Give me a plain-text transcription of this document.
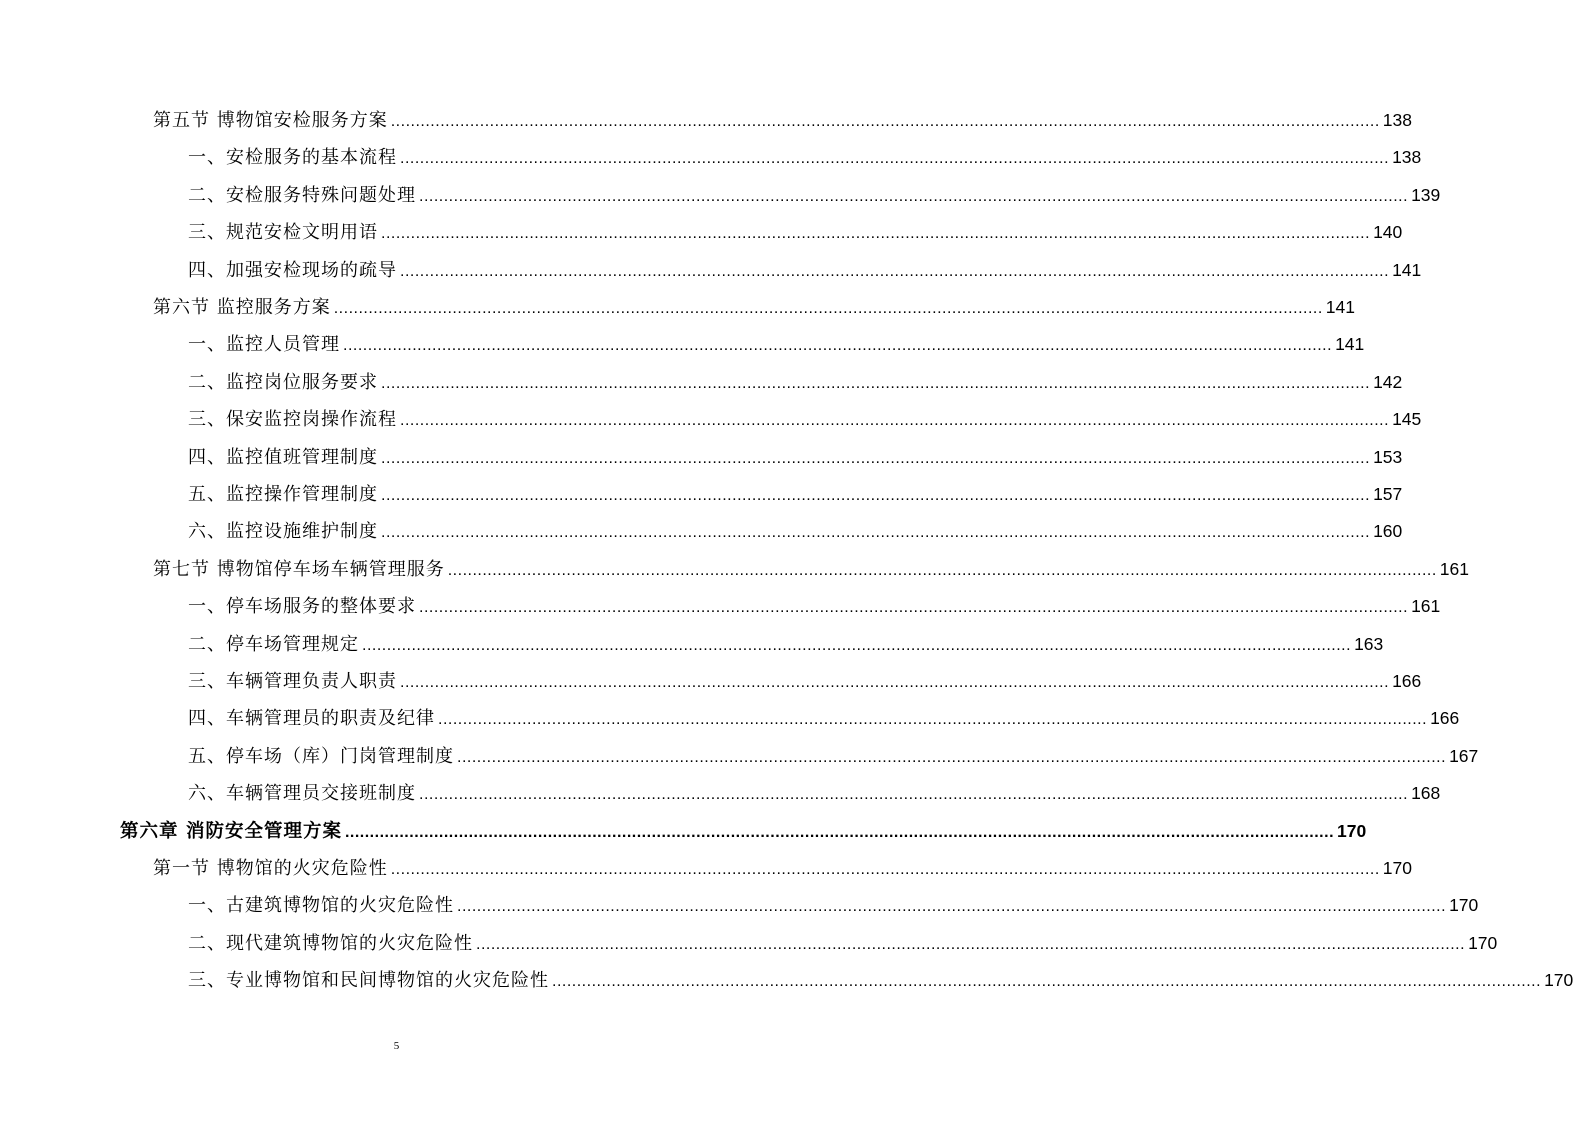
第五节 博物馆安检服务方案 ........................................................................................................................................................................................................ 138
一、安检服务的基本流程 ........................................................................................................................................................................................................ 138
二、安检服务特殊问题处理 ........................................................................................................................................................................................................ 139
三、规范安检文明用语 ........................................................................................................................................................................................................ 140
四、加强安检现场的疏导 ........................................................................................................................................................................................................ 141
第六节 监控服务方案 ........................................................................................................................................................................................................ 141
一、监控人员管理 ........................................................................................................................................................................................................ 141
二、监控岗位服务要求 ........................................................................................................................................................................................................ 142
三、保安监控岗操作流程 ........................................................................................................................................................................................................ 145
四、监控值班管理制度 ........................................................................................................................................................................................................ 153
五、监控操作管理制度 ........................................................................................................................................................................................................ 157
六、监控设施维护制度 ........................................................................................................................................................................................................ 160
第七节 博物馆停车场车辆管理服务 ........................................................................................................................................................................................................ 161
一、停车场服务的整体要求 ........................................................................................................................................................................................................ 161
二、停车场管理规定 ........................................................................................................................................................................................................ 163
三、车辆管理负责人职责 ........................................................................................................................................................................................................ 166
四、车辆管理员的职责及纪律 ........................................................................................................................................................................................................ 166
五、停车场（库）门岗管理制度 ........................................................................................................................................................................................................ 167
六、车辆管理员交接班制度 ........................................................................................................................................................................................................ 168
第六章 消防安全管理方案 ........................................................................................................................................................................................................ 170
第一节 博物馆的火灾危险性 ........................................................................................................................................................................................................ 170
一、古建筑博物馆的火灾危险性 ........................................................................................................................................................................................................ 170
二、现代建筑博物馆的火灾危险性 ........................................................................................................................................................................................................ 170
三、专业博物馆和民间博物馆的火灾危险性 ........................................................................................................................................................................................................ 170
5
